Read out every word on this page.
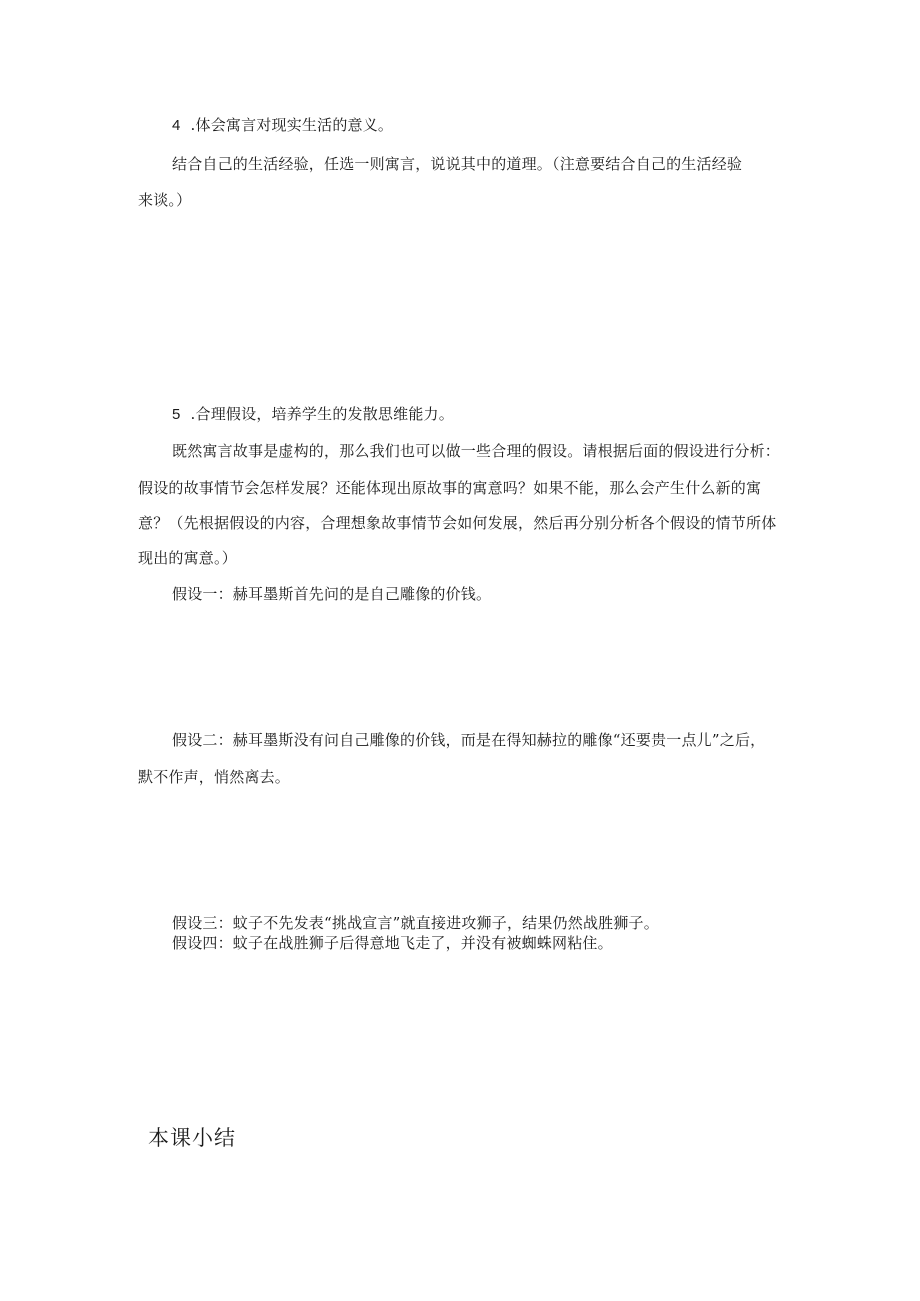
4 .体会寓言对现实生活的意义。
结合自己的生活经验，任选一则寓言，说说其中的道理。（注意要结合自己的生活经验
来谈。）
5 .合理假设，培养学生的发散思维能力。
既然寓言故事是虚构的，那么我们也可以做一些合理的假设。请根据后面的假设进行分析：
假设的故事情节会怎样发展？还能体现出原故事的寓意吗？如果不能，那么会产生什么新的寓
意？（先根据假设的内容，合理想象故事情节会如何发展，然后再分别分析各个假设的情节所体
现出的寓意。）
假设一：赫耳墨斯首先问的是自己雕像的价钱。
假设二：赫耳墨斯没有问自己雕像的价钱，而是在得知赫拉的雕像“还要贵一点儿”之后，
默不作声，悄然离去。
假设三：蚊子不先发表“挑战宣言”就直接进攻狮子，结果仍然战胜狮子。
假设四：蚊子在战胜狮子后得意地飞走了，并没有被蜘蛛网粘住。
本课小结
